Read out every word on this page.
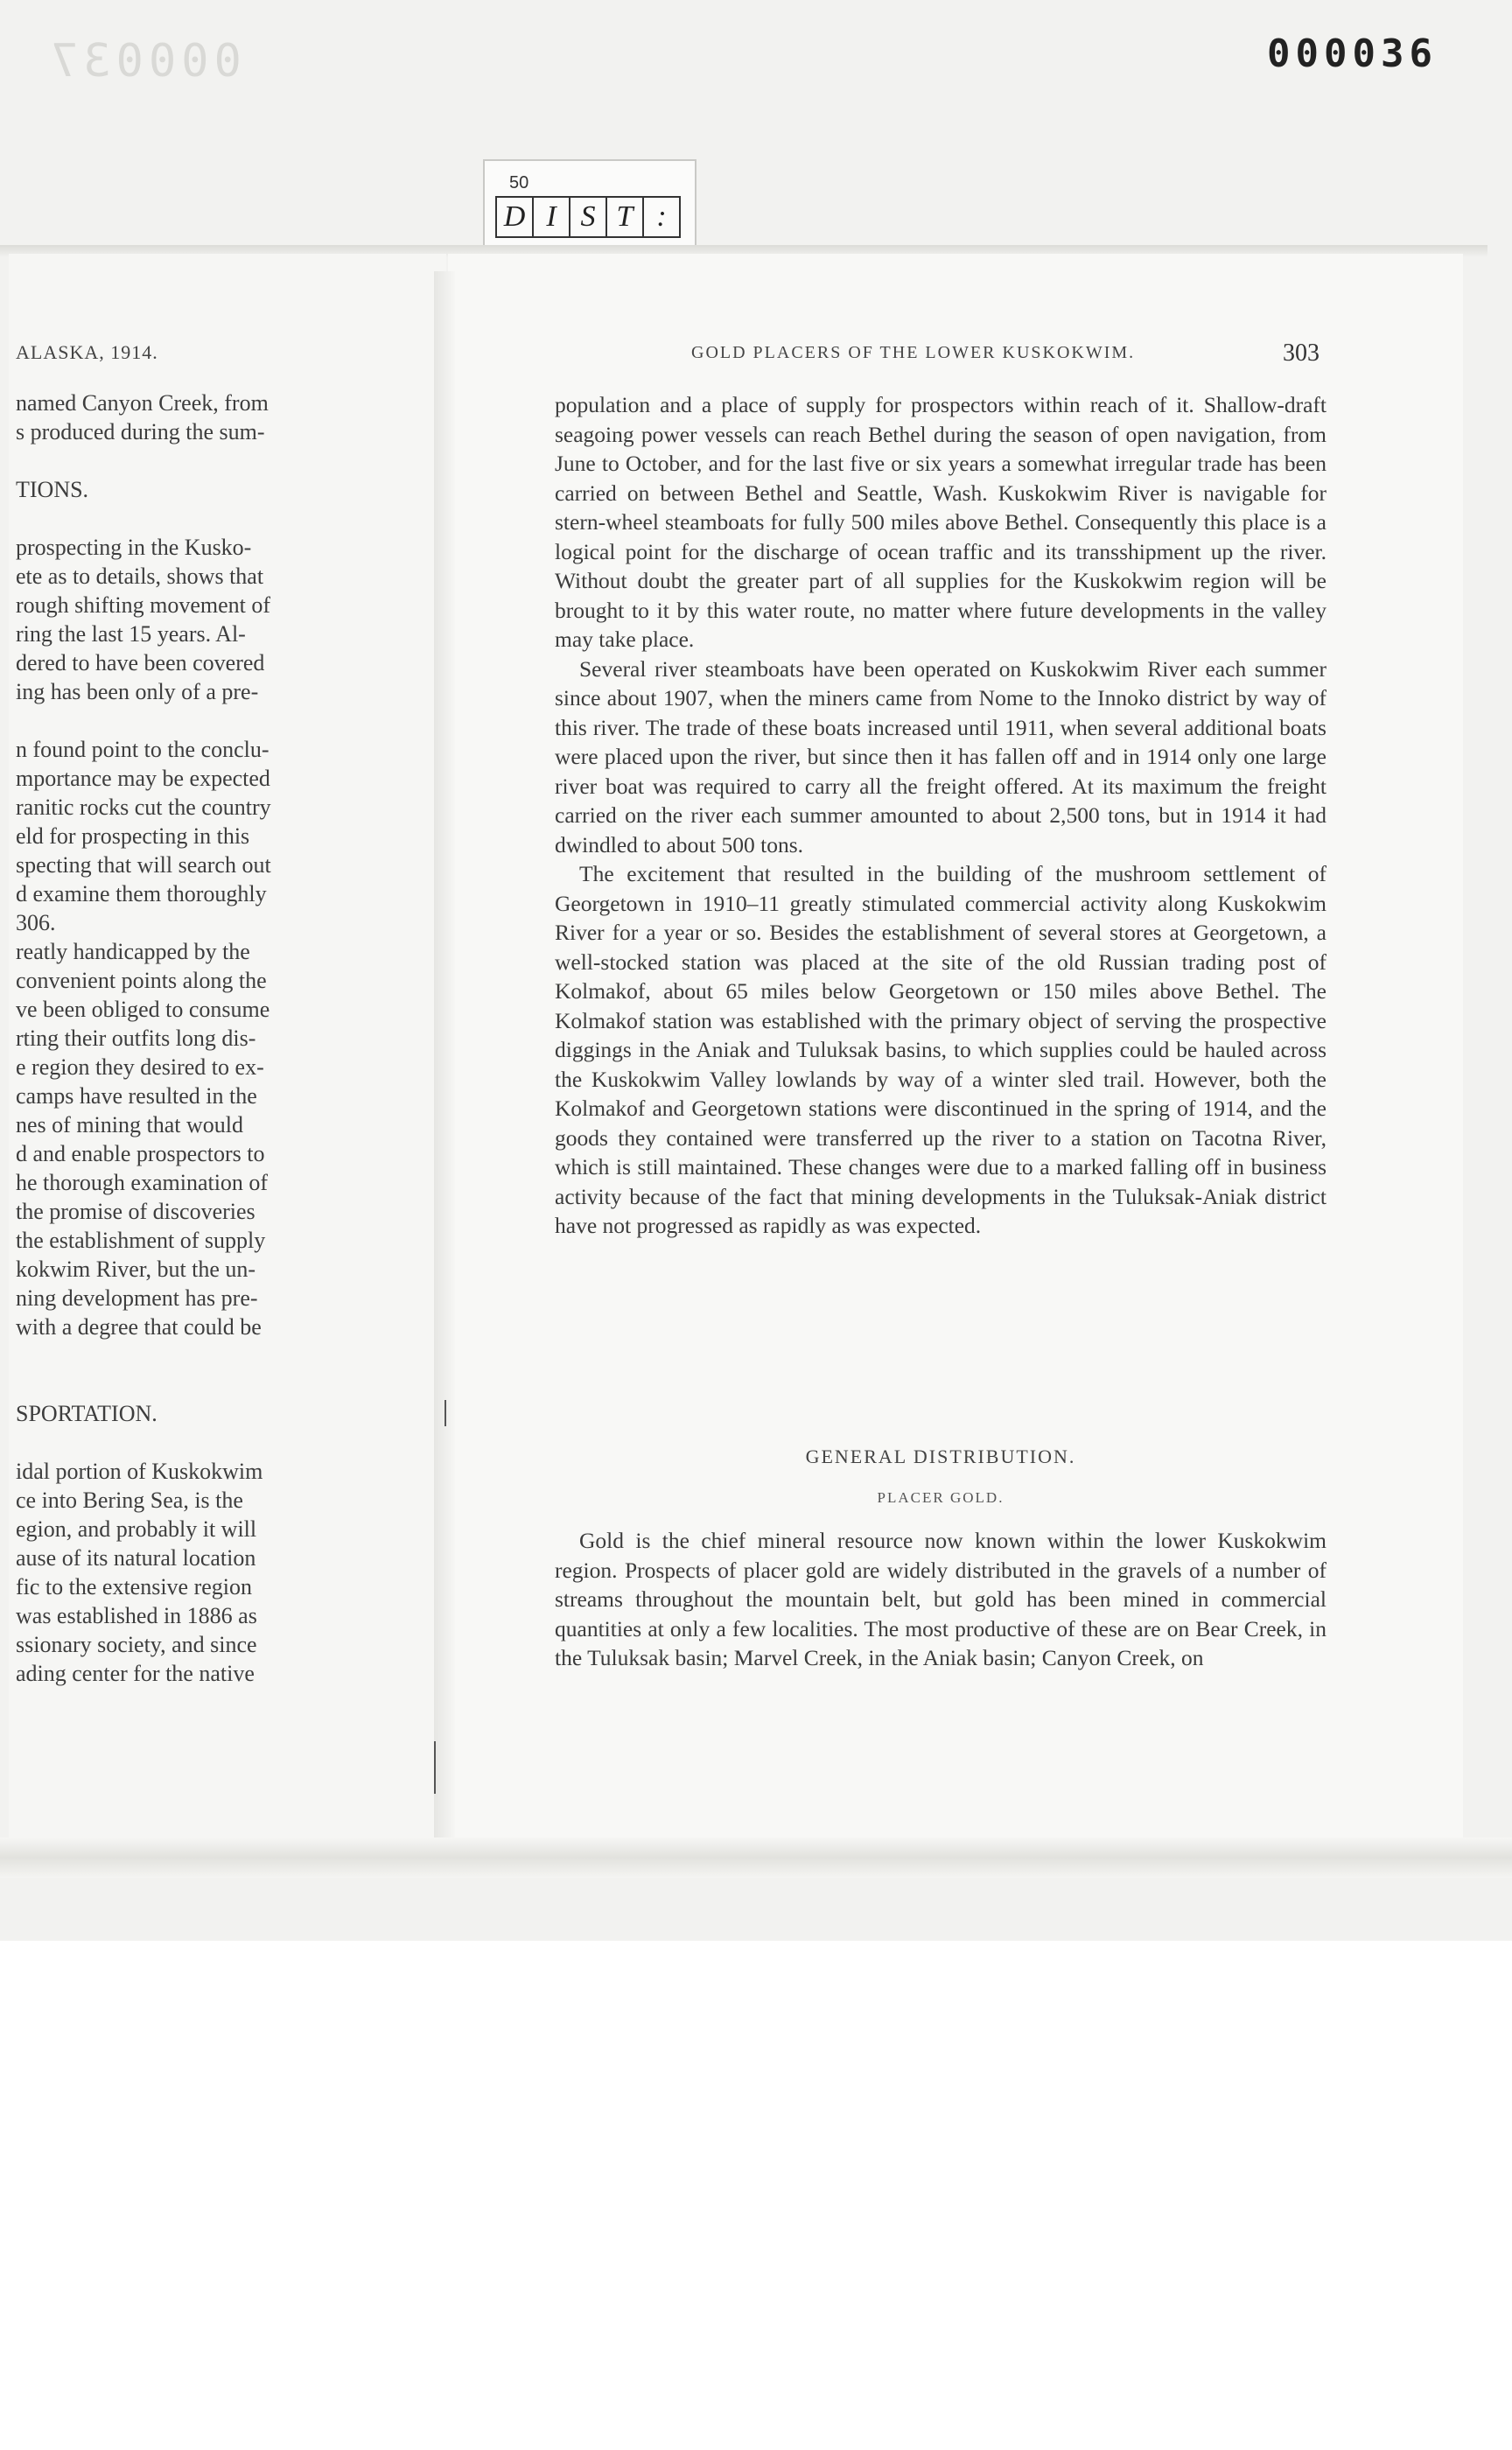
000037	000036
50
D I S T :
ALASKA, 1914.
named Canyon Creek, from
s produced during the sum-
TIONS.
prospecting in the Kusko-
ete as to details, shows that
rough shifting movement of
ring the last 15 years. Al-
dered to have been covered
ing has been only of a pre-
n found point to the conclu-
mportance may be expected
ranitic rocks cut the country
eld for prospecting in this
specting that will search out
d examine them thoroughly
306.
reatly handicapped by the
convenient points along the
ve been obliged to consume
rting their outfits long dis-
e region they desired to ex-
camps have resulted in the
nes of mining that would
d and enable prospectors to
he thorough examination of
the promise of discoveries
the establishment of supply
kokwim River, but the un-
ning development has pre-
with a degree that could be
SPORTATION.
idal portion of Kuskokwim
ce into Bering Sea, is the
egion, and probably it will
ause of its natural location
fic to the extensive region
was established in 1886 as
ssionary society, and since
ading center for the native
GOLD PLACERS OF THE LOWER KUSKOKWIM.	303

population and a place of supply for prospectors within reach of it. Shallow-draft seagoing power vessels can reach Bethel during the season of open navigation, from June to October, and for the last five or six years a somewhat irregular trade has been carried on between Bethel and Seattle, Wash. Kuskokwim River is navigable for stern-wheel steamboats for fully 500 miles above Bethel. Consequently this place is a logical point for the discharge of ocean traffic and its transshipment up the river. Without doubt the greater part of all supplies for the Kuskokwim region will be brought to it by this water route, no matter where future developments in the valley may take place.

Several river steamboats have been operated on Kuskokwim River each summer since about 1907, when the miners came from Nome to the Innoko district by way of this river. The trade of these boats increased until 1911, when several additional boats were placed upon the river, but since then it has fallen off and in 1914 only one large river boat was required to carry all the freight offered. At its maximum the freight carried on the river each summer amounted to about 2,500 tons, but in 1914 it had dwindled to about 500 tons.

The excitement that resulted in the building of the mushroom settlement of Georgetown in 1910–11 greatly stimulated commercial activity along Kuskokwim River for a year or so. Besides the establishment of several stores at Georgetown, a well-stocked station was placed at the site of the old Russian trading post of Kolmakof, about 65 miles below Georgetown or 150 miles above Bethel. The Kolmakof station was established with the primary object of serving the prospective diggings in the Aniak and Tuluksak basins, to which supplies could be hauled across the Kuskokwim Valley lowlands by way of a winter sled trail. However, both the Kolmakof and Georgetown stations were discontinued in the spring of 1914, and the goods they contained were transferred up the river to a station on Tacotna River, which is still maintained. These changes were due to a marked falling off in business activity because of the fact that mining developments in the Tuluksak-Aniak district have not progressed as rapidly as was expected.

GENERAL DISTRIBUTION.
PLACER GOLD.

Gold is the chief mineral resource now known within the lower Kuskokwim region. Prospects of placer gold are widely distributed in the gravels of a number of streams throughout the mountain belt, but gold has been mined in commercial quantities at only a few localities. The most productive of these are on Bear Creek, in the Tuluksak basin; Marvel Creek, in the Aniak basin; Canyon Creek, on
